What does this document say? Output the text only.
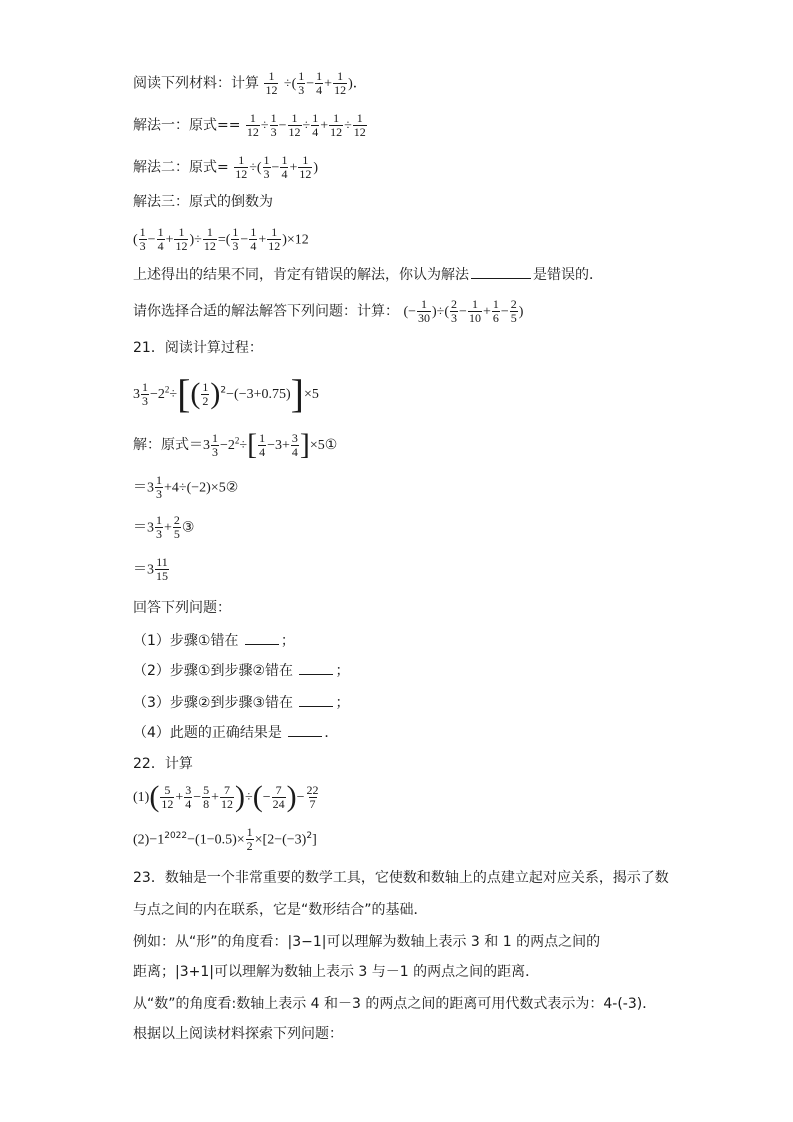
阅读下列材料：计算 $\frac{1}{12}$ ÷( $\frac{1}{3} - \frac{1}{4} + \frac{1}{12}$ )．
解法一：原式== $\frac{1}{12} \div \frac{1}{3} - \frac{1}{12} \div \frac{1}{4} + \frac{1}{12} \div \frac{1}{12}$
解法二：原式= $\frac{1}{12}$ ÷( $\frac{1}{3} - \frac{1}{4} + \frac{1}{12}$ )
解法三：原式的倒数为
( $\frac{1}{3} - \frac{1}{4} + \frac{1}{12}$ )÷ $\frac{1}{12}$ =( $\frac{1}{3} - \frac{1}{4} + \frac{1}{12} )\times 12$
上述得出的结果不同，肯定有错误的解法，你认为解法	是错误的．
请你选择合适的解法解答下列问题：计算： (− $\frac{1}{30}$ )÷( $\frac{2}{3} - \frac{1}{10} + \frac{1}{6} - \frac{2}{5}$ )
21．阅读计算过程：
$3 \frac{1}{3} -2^2\div[( \frac{1}{2} )^2-(-3+0.75)]\times 5$
解：原式$=3 \frac{1}{3} -2^2\div[ \frac{1}{4} -3+ \frac{3}{4}$ ]×5①
$=3 \frac{1}{3}$ +4÷(−2)×5②
$=3 \frac{1}{3} + \frac{2}{5}$ ③
$=3 \frac{11}{15}$
回答下列问题：
（1）步骤①错在	；
（2）步骤①到步骤②错在	；
（3）步骤②到步骤③错在	；
（4）此题的正确结果是	．
22．计算
$(1)( \frac{5}{12} + \frac{3}{4} - \frac{5}{8} + \frac{7}{12}$ )÷(− $\frac{7}{24}$ )− $\frac{22}{7}$
$(2)-1^{2022}-(1-0.5)\times \frac{1}{2} \times[2-(-3)^2]$
23．数轴是一个非常重要的数学工具，它使数和数轴上的点建立起对应关系，揭示了数
与点之间的内在联系，它是“数形结合”的基础．
例如：从“形”的角度看：|3−1|可以理解为数轴上表示 3 和 1 的两点之间的
距离；|3+1|可以理解为数轴上表示 3 与－1 的两点之间的距离．
从“数”的角度看:数轴上表示 4 和－3 的两点之间的距离可用代数式表示为：4-(-3)．
根据以上阅读材料探索下列问题：
